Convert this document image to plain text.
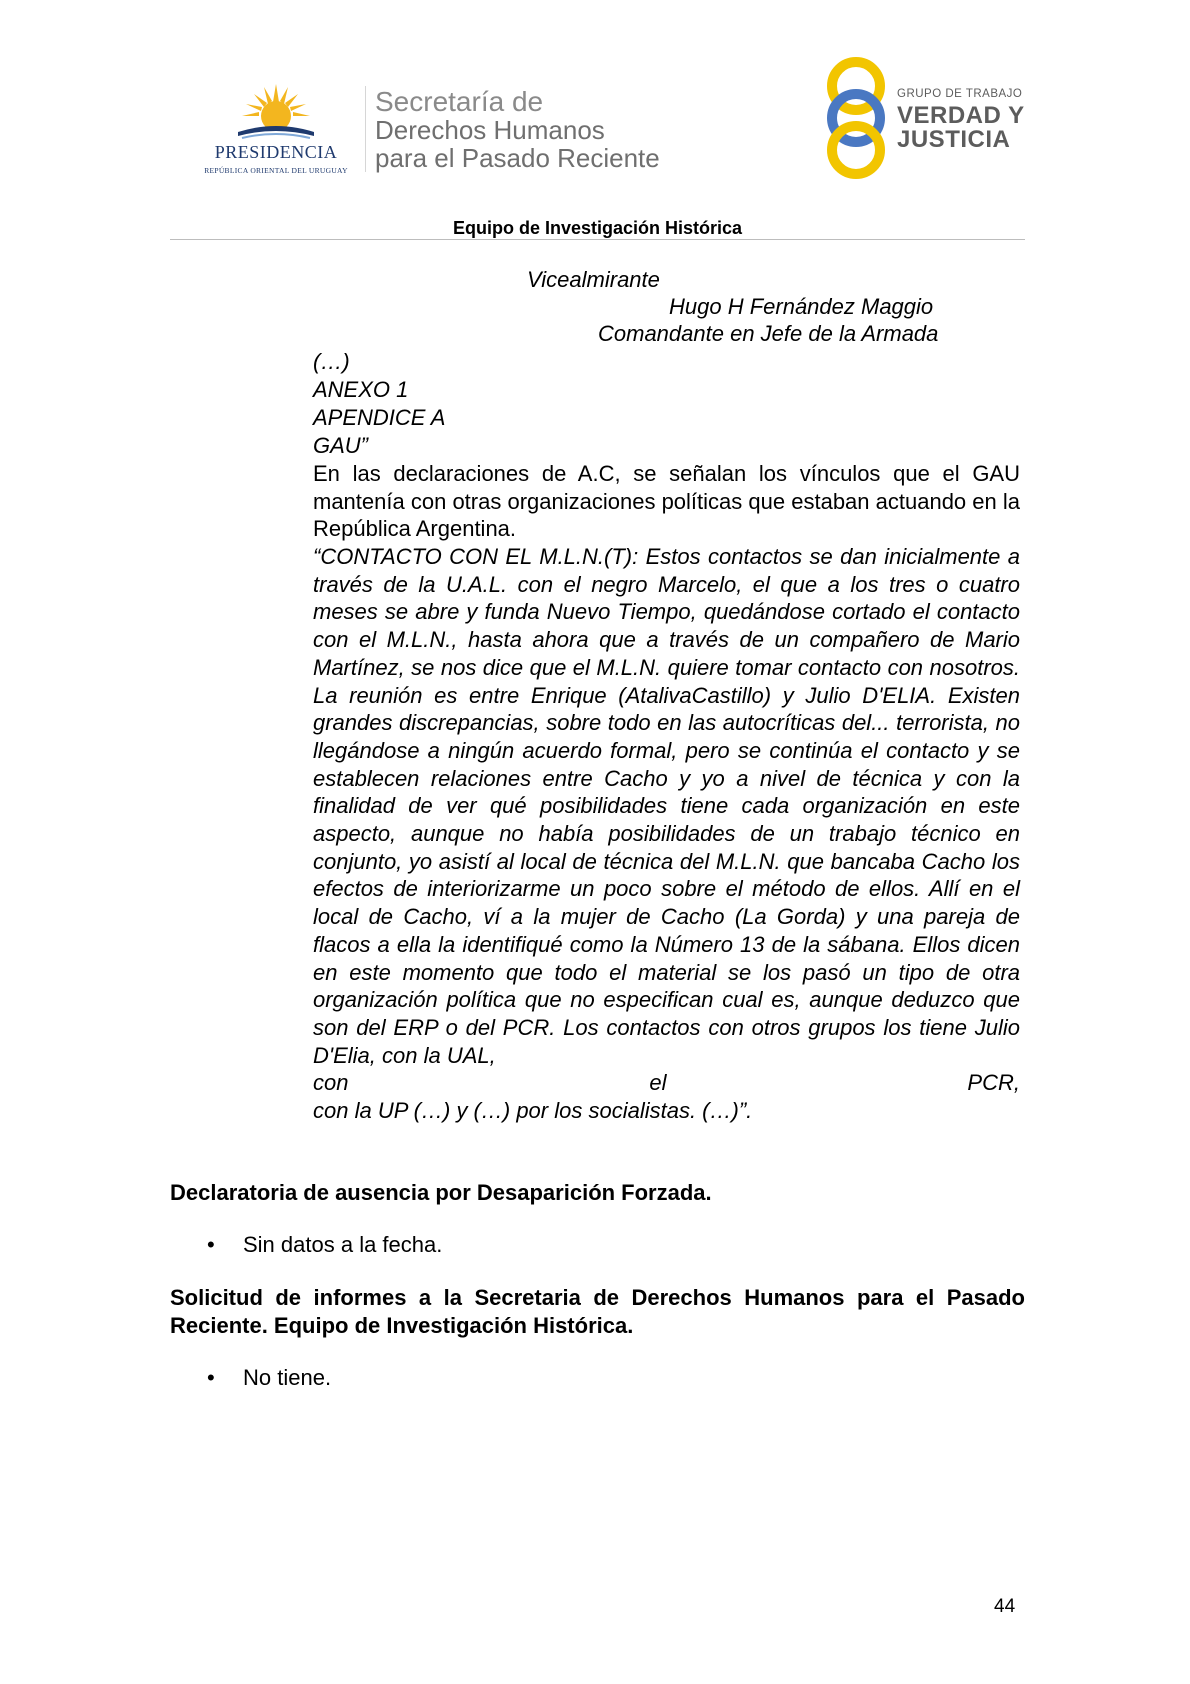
PRESIDENCIA
REPÚBLICA ORIENTAL DEL URUGUAY
Secretaría de
Derechos Humanos
para el Pasado Reciente
GRUPO DE TRABAJO
VERDAD Y
JUSTICIA
Equipo de Investigación Histórica
Vicealmirante
Hugo H Fernández Maggio
Comandante en Jefe de la Armada
(…)
ANEXO 1
APENDICE A
GAU”

En las declaraciones de A.C, se señalan los vínculos que el GAU mantenía con otras organizaciones políticas que estaban actuando en la República Argentina.

“CONTACTO CON EL M.L.N.(T): Estos contactos se dan inicialmente a través de la U.A.L. con el negro Marcelo, el que a los tres o cuatro meses se abre y funda Nuevo Tiempo, quedándose cortado el contacto con el M.L.N., hasta ahora que a través de un compañero de Mario Martínez, se nos dice que el M.L.N. quiere tomar contacto con nosotros. La reunión es entre Enrique (AtalivaCastillo) y Julio D'ELIA. Existen grandes discrepancias, sobre todo en las autocríticas del... terrorista, no llegándose a ningún acuerdo formal, pero se continúa el contacto y se establecen relaciones entre Cacho y yo a nivel de técnica y con la finalidad de ver qué posibilidades tiene cada organización en este aspecto, aunque no había posibilidades de un trabajo técnico en conjunto, yo asistí al local de técnica del M.L.N. que bancaba Cacho los efectos de interiorizarme un poco sobre el método de ellos. Allí en el local de Cacho, ví a la mujer de Cacho (La Gorda) y una pareja de flacos a ella la identifiqué como la Número 13 de la sábana. Ellos dicen en este momento que todo el material se los pasó un tipo de otra organización política que no especifican cual es, aunque deduzco que son del ERP o del PCR. Los contactos con otros grupos los tiene Julio D'Elia, con la UAL,

con	el	PCR,

con la UP (…) y (…) por los socialistas. (…)”.

Declaratoria de ausencia por Desaparición Forzada.
• Sin datos a la fecha.
Solicitud de informes a la Secretaria de Derechos Humanos para el Pasado Reciente. Equipo de Investigación Histórica.
• No tiene.
44
